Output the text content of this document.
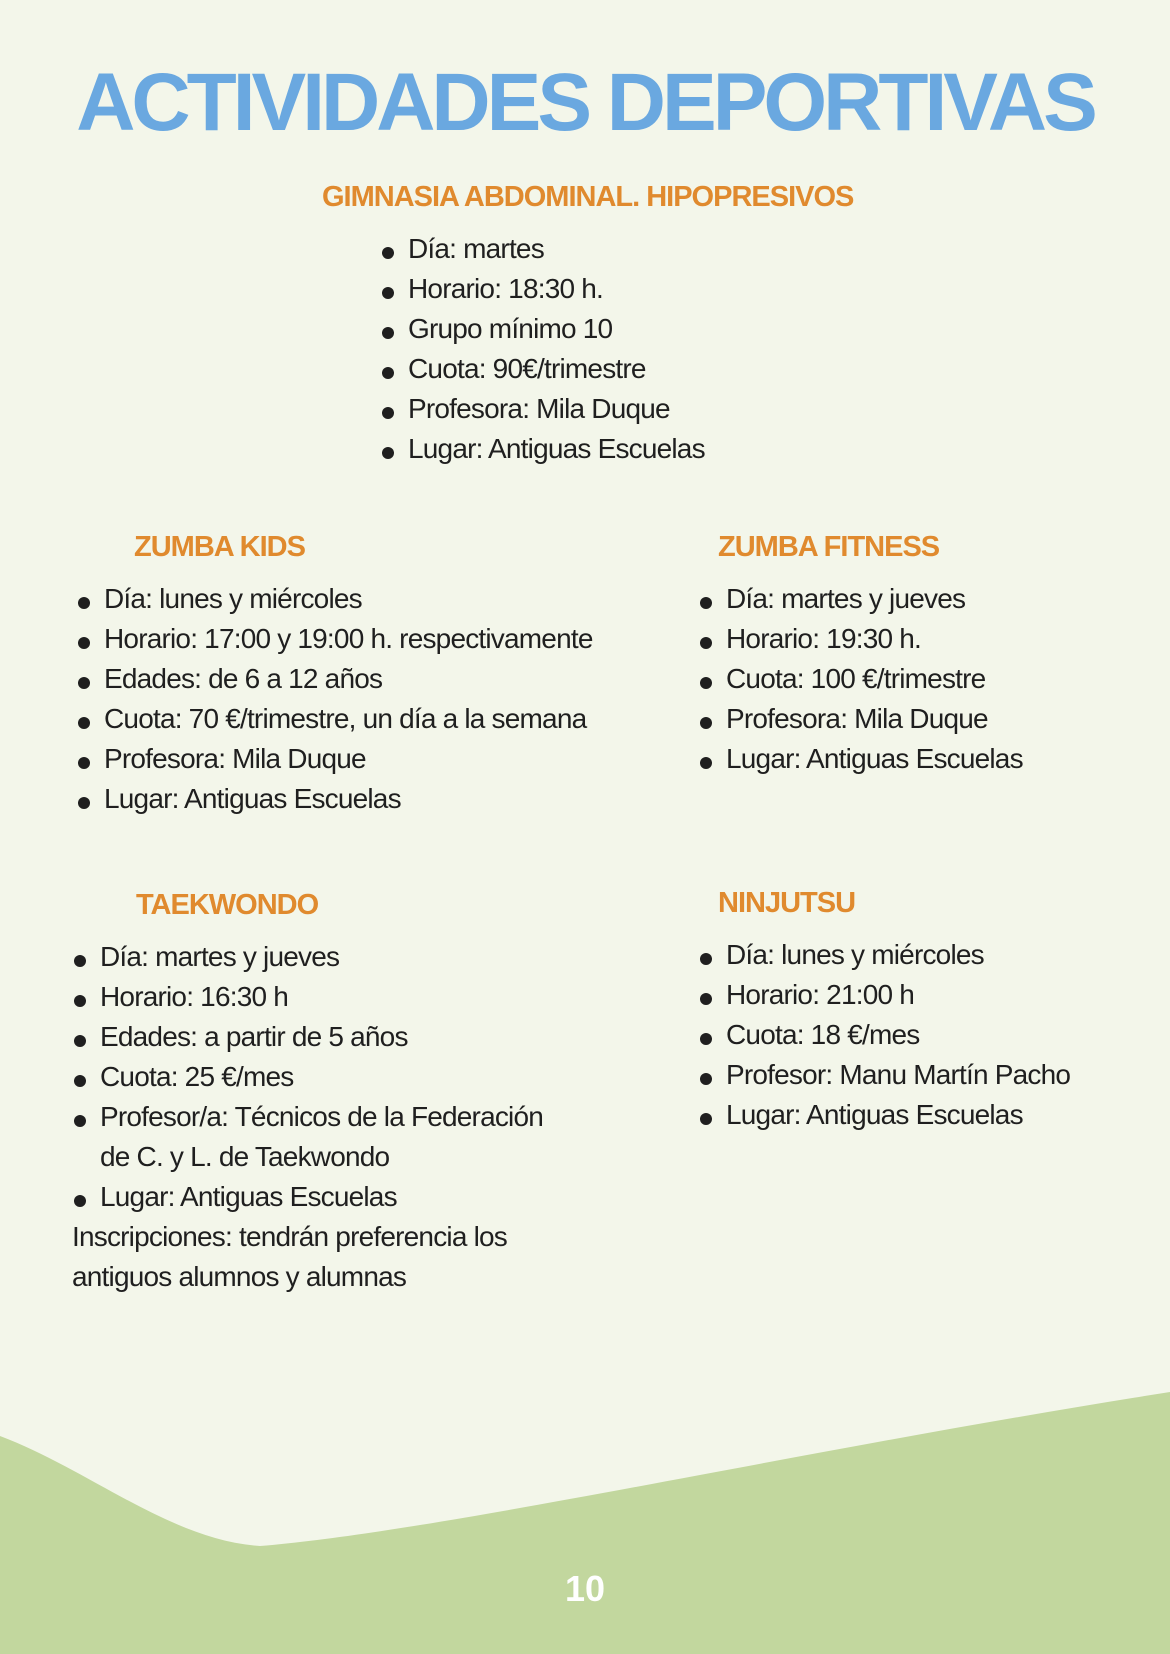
ACTIVIDADES DEPORTIVAS
GIMNASIA ABDOMINAL. HIPOPRESIVOS
Día: martes
Horario: 18:30 h.
Grupo mínimo 10
Cuota: 90€/trimestre
Profesora: Mila Duque
Lugar: Antiguas Escuelas
ZUMBA KIDS
Día: lunes y miércoles
Horario: 17:00 y 19:00 h. respectivamente
Edades: de 6 a 12 años
Cuota: 70 €/trimestre, un día a la semana
Profesora: Mila Duque
Lugar: Antiguas Escuelas
ZUMBA FITNESS
Día: martes y jueves
Horario: 19:30 h.
Cuota: 100 €/trimestre
Profesora: Mila Duque
Lugar: Antiguas Escuelas
TAEKWONDO
Día: martes y jueves
Horario: 16:30 h
Edades: a partir de 5 años
Cuota: 25 €/mes
Profesor/a: Técnicos de la Federación
de C. y L. de Taekwondo
Lugar: Antiguas Escuelas
Inscripciones: tendrán preferencia los
antiguos alumnos y alumnas
NINJUTSU
Día: lunes y miércoles
Horario: 21:00 h
Cuota: 18 €/mes
Profesor: Manu Martín Pacho
Lugar: Antiguas Escuelas
10
